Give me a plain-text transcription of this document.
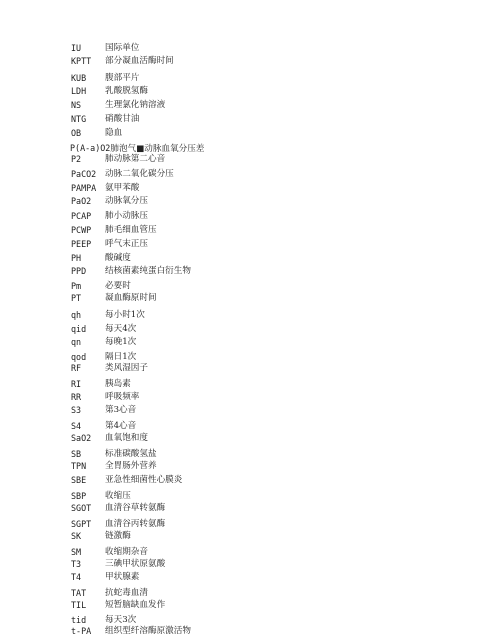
IU	国际单位
KPTT 部分凝血活酶时间
KUB 腹部平片
LDH 乳酸脱氢酶
NS	生理氯化钠溶液
NTG 硝酸甘油
OB	隐血
P(A-a)O2肺泡气■动脉血氧分压差
P2	肺动脉第二心音
PaCO2 动脉二氧化碳分压
PAMPA 氨甲苯酸
PaO2 动脉氧分压
PCAP 肺小动脉压
PCWP 肺毛细血管压
PEEP 呼气末正压
PH	酸碱度
PPD 结核菌素纯蛋白衍生物
Pm	必要时
PT	凝血酶原时间
qh	每小时1次
qid 每天4次
qn	每晚1次
qod 隔日1次
RF	类风湿因子
RI	胰岛素
RR	呼吸频率
S3	第3心音
S4	第4心音
SaO2 血氧饱和度
SB	标准碳酸氢盐
TPN 全胃肠外营养
SBE 亚急性细菌性心膜炎
SBP 收缩压
SGOT 血清谷草转氨酶
SGPT 血清谷丙转氨酶
SK	链激酶
SM	收缩期杂音
T3	三碘甲状原氨酸
T4	甲状腺素
TAT 抗蛇毒血清
TIL 短暂脑缺血发作
tid 每天3次
t-PA 组织型纤溶酶原激活物
